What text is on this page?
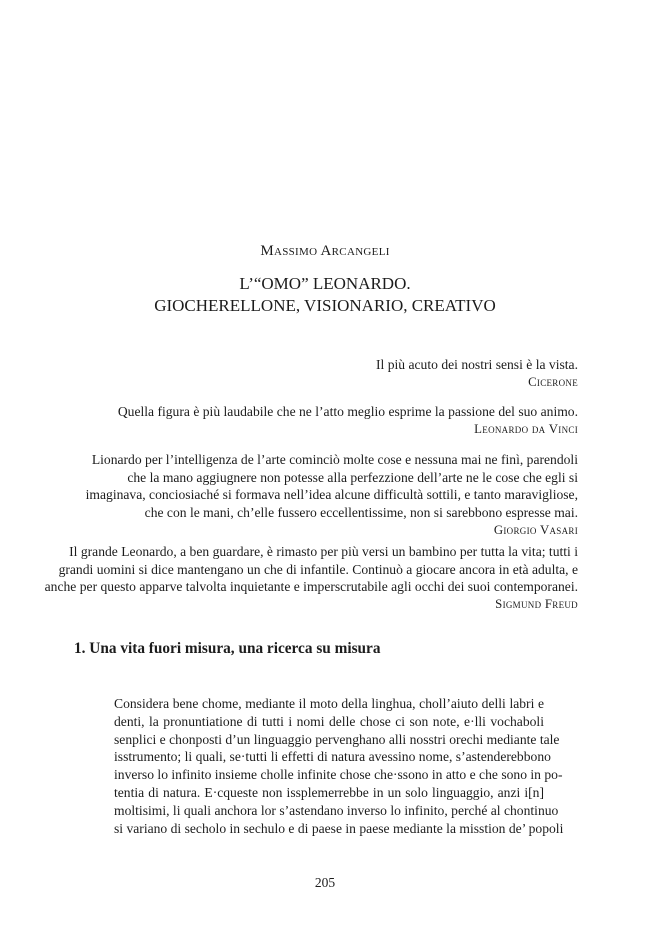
Massimo Arcangeli
L’“OMO” LEONARDO.
GIOCHERELLONE, VISIONARIO, CREATIVO
Il più acuto dei nostri sensi è la vista.
Cicerone
Quella figura è più laudabile che ne l’atto meglio esprime la passione del suo animo.
Leonardo da Vinci
Lionardo per l’intelligenza de l’arte cominciò molte cose e nessuna mai ne finì, parendoli
che la mano aggiugnere non potesse alla perfezzione dell’arte ne le cose che egli si
imaginava, conciosiaché si formava nell’idea alcune difficultà sottili, e tanto maravigliose,
che con le mani, ch’elle fussero eccellentissime, non si sarebbono espresse mai.
Giorgio Vasari
Il grande Leonardo, a ben guardare, è rimasto per più versi un bambino per tutta la vita; tutti i
grandi uomini si dice mantengano un che di infantile. Continuò a giocare ancora in età adulta, e
anche per questo apparve talvolta inquietante e imperscrutabile agli occhi dei suoi contemporanei.
Sigmund Freud
1. Una vita fuori misura, una ricerca su misura
Considera bene chome, mediante il moto della linghua, choll’aiuto delli labri e
denti, la pronuntiatione di tutti i nomi delle chose ci son note, e·lli vochaboli
senplici e chonposti d’un linguaggio pervenghano alli nosstri orechi mediante tale
isstrumento; li quali, se·tutti li effetti di natura avessino nome, s’astenderebbono
inverso lo infinito insieme cholle infinite chose che·ssono in atto e che sono in po-
tentia di natura. E·cqueste non issplemerrebbe in un solo linguaggio, anzi i[n]
moltisimi, li quali anchora lor s’astendano inverso lo infinito, perché al chontinuo
si variano di secholo in sechulo e di paese in paese mediante la misstion de’ popoli
205
